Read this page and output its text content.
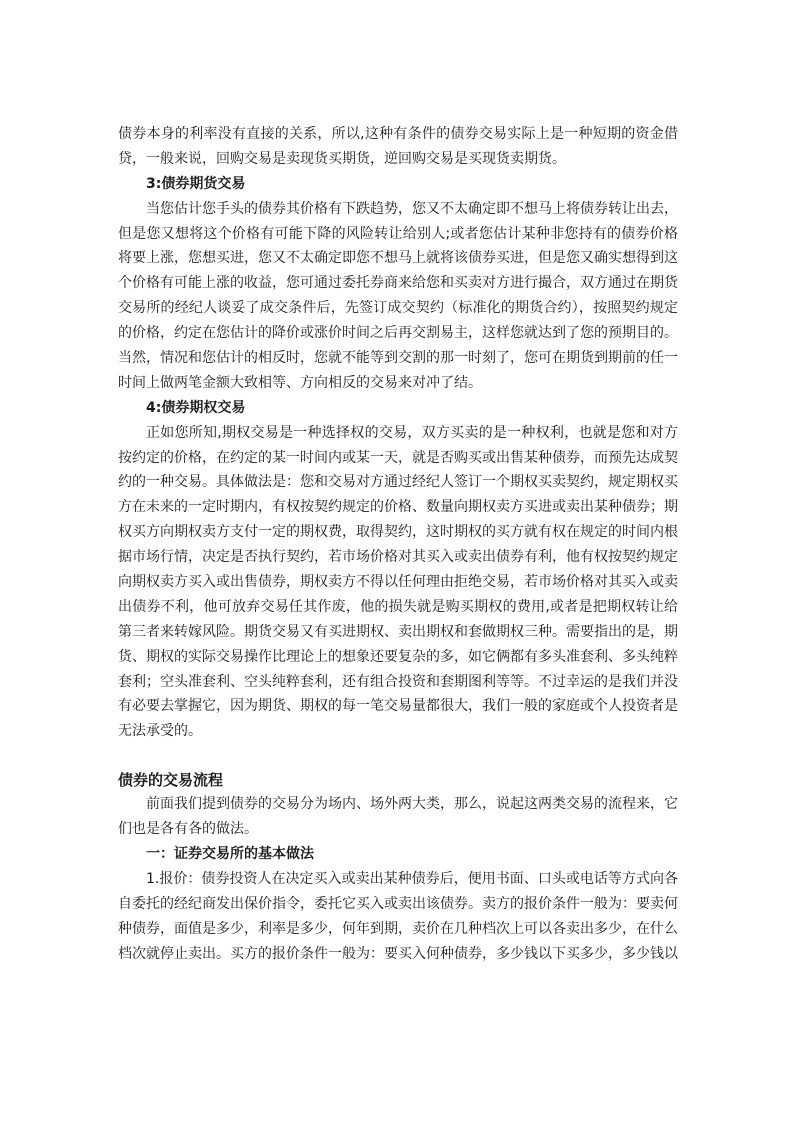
债券本身的利率没有直接的关系，所以,这种有条件的债券交易实际上是一种短期的资金借
贷，一般来说，回购交易是卖现货买期货，逆回购交易是买现货卖期货。
3:债券期货交易
当您估计您手头的债券其价格有下跌趋势，您又不太确定即不想马上将债券转让出去，
但是您又想将这个价格有可能下降的风险转让给别人;或者您估计某种非您持有的债券价格
将要上涨，您想买进，您又不太确定即您不想马上就将该债券买进，但是您又确实想得到这
个价格有可能上涨的收益，您可通过委托券商来给您和买卖对方进行撮合，双方通过在期货
交易所的经纪人谈妥了成交条件后，先签订成交契约（标准化的期货合约），按照契约规定
的价格，约定在您估计的降价或涨价时间之后再交割易主，这样您就达到了您的预期目的。
当然，情况和您估计的相反时，您就不能等到交割的那一时刻了，您可在期货到期前的任一
时间上做两笔金额大致相等、方向相反的交易来对冲了结。
4:债券期权交易
正如您所知,期权交易是一种选择权的交易，双方买卖的是一种权利，也就是您和对方
按约定的价格，在约定的某一时间内或某一天，就是否购买或出售某种债券，而预先达成契
约的一种交易。具体做法是：您和交易对方通过经纪人签订一个期权买卖契约，规定期权买
方在未来的一定时期内，有权按契约规定的价格、数量向期权卖方买进或卖出某种债券；期
权买方向期权卖方支付一定的期权费，取得契约，这时期权的买方就有权在规定的时间内根
据市场行情，决定是否执行契约，若市场价格对其买入或卖出债券有利，他有权按契约规定
向期权卖方买入或出售债券，期权卖方不得以任何理由拒绝交易，若市场价格对其买入或卖
出债券不利，他可放弃交易任其作废，他的损失就是购买期权的费用,或者是把期权转让给
第三者来转嫁风险。期货交易又有买进期权、卖出期权和套做期权三种。需要指出的是，期
货、期权的实际交易操作比理论上的想象还要复杂的多，如它俩都有多头准套利、多头纯粹
套利；空头准套利、空头纯粹套利，还有组合投资和套期图利等等。不过幸运的是我们并没
有必要去掌握它，因为期货、期权的每一笔交易量都很大，我们一般的家庭或个人投资者是
无法承受的。
债券的交易流程
前面我们提到债券的交易分为场内、场外两大类，那么，说起这两类交易的流程来，它
们也是各有各的做法。
一：证券交易所的基本做法
1.报价：债券投资人在决定买入或卖出某种债券后，便用书面、口头或电话等方式向各
自委托的经纪商发出保价指令，委托它买入或卖出该债券。卖方的报价条件一般为：要卖何
种债券，面值是多少，利率是多少，何年到期，卖价在几种档次上可以各卖出多少，在什么
档次就停止卖出。买方的报价条件一般为：要买入何种债券，多少钱以下买多少，多少钱以
